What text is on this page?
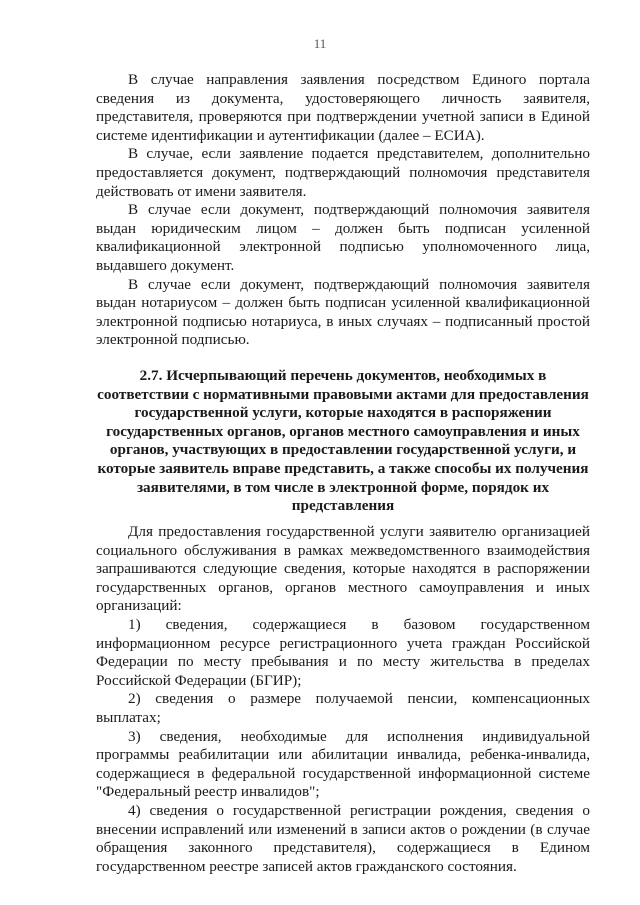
11

В случае направления заявления посредством Единого портала сведения из документа, удостоверяющего личность заявителя, представителя, проверяются при подтверждении учетной записи в Единой системе идентификации и аутентификации (далее – ЕСИА).

В случае, если заявление подается представителем, дополнительно предоставляется документ, подтверждающий полномочия представителя действовать от имени заявителя.

В случае если документ, подтверждающий полномочия заявителя выдан юридическим лицом – должен быть подписан усиленной квалификационной электронной подписью уполномоченного лица, выдавшего документ.

В случае если документ, подтверждающий полномочия заявителя выдан нотариусом – должен быть подписан усиленной квалификационной электронной подписью нотариуса, в иных случаях – подписанный простой электронной подписью.

2.7. Исчерпывающий перечень документов, необходимых в
соответствии с нормативными правовыми актами для предоставления
государственной услуги, которые находятся в распоряжении
государственных органов, органов местного самоуправления и иных
органов, участвующих в предоставлении государственной услуги, и
которые заявитель вправе представить, а также способы их получения
заявителями, в том числе в электронной форме, порядок их
представления

Для предоставления государственной услуги заявителю организацией социального обслуживания в рамках межведомственного взаимодействия запрашиваются следующие сведения, которые находятся в распоряжении государственных органов, органов местного самоуправления и иных организаций:

1) сведения, содержащиеся в базовом государственном информационном ресурсе регистрационного учета граждан Российской Федерации по месту пребывания и по месту жительства в пределах Российской Федерации (БГИР);

2) сведения о размере получаемой пенсии, компенсационных выплатах;

3) сведения, необходимые для исполнения индивидуальной программы реабилитации или абилитации инвалида, ребенка-инвалида, содержащиеся в федеральной государственной информационной системе "Федеральный реестр инвалидов";

4) сведения о государственной регистрации рождения, сведения о внесении исправлений или изменений в записи актов о рождении (в случае обращения законного представителя), содержащиеся в Едином государственном реестре записей актов гражданского состояния.
